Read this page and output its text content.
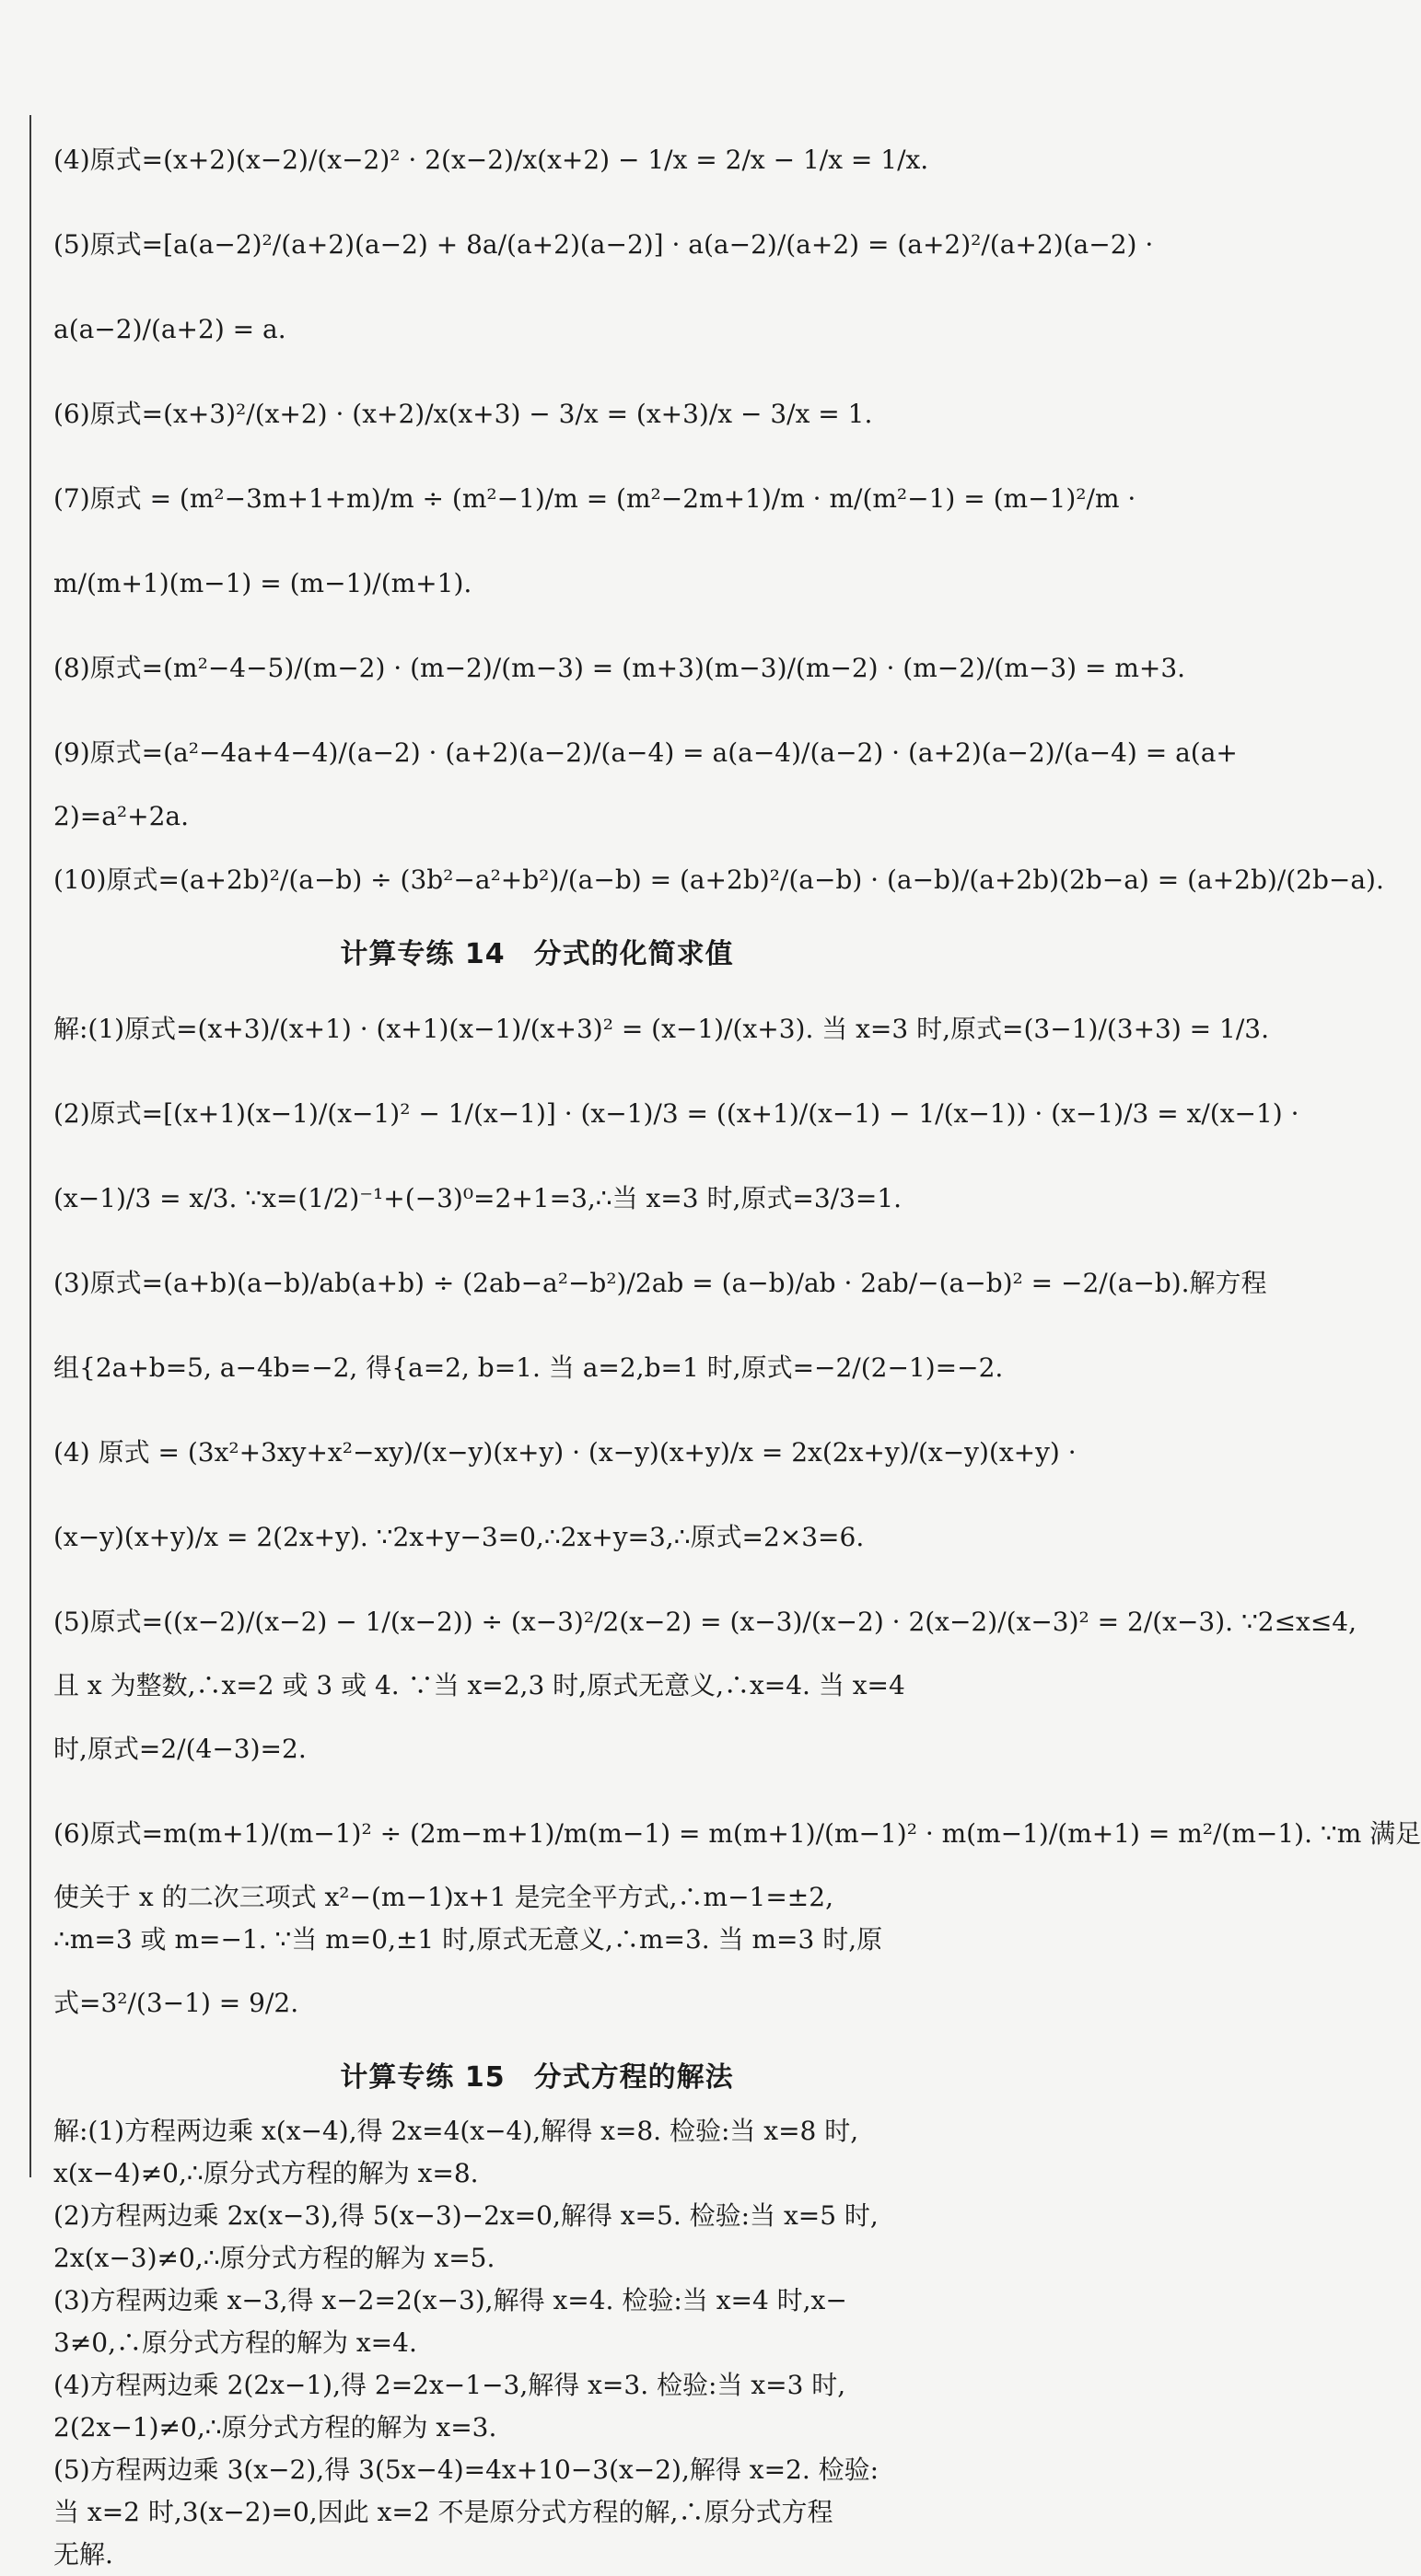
(4)原式=(x+2)(x−2)/(x−2)² · 2(x−2)/x(x+2) − 1/x = 2/x − 1/x = 1/x.
(5)原式=[a(a−2)²/(a+2)(a−2) + 8a/(a+2)(a−2)] · a(a−2)/(a+2) = (a+2)²/(a+2)(a−2) ·
a(a−2)/(a+2) = a.
(6)原式=(x+3)²/(x+2) · (x+2)/x(x+3) − 3/x = (x+3)/x − 3/x = 1.
(7)原式 = (m²−3m+1+m)/m ÷ (m²−1)/m = (m²−2m+1)/m · m/(m²−1) = (m−1)²/m ·
m/(m+1)(m−1) = (m−1)/(m+1).
(8)原式=(m²−4−5)/(m−2) · (m−2)/(m−3) = (m+3)(m−3)/(m−2) · (m−2)/(m−3) = m+3.
(9)原式=(a²−4a+4−4)/(a−2) · (a+2)(a−2)/(a−4) = a(a−4)/(a−2) · (a+2)(a−2)/(a−4) = a(a+
2)=a²+2a.
(10)原式=(a+2b)²/(a−b) ÷ (3b²−a²+b²)/(a−b) = (a+2b)²/(a−b) · (a−b)/(a+2b)(2b−a) = (a+2b)/(2b−a).
计算专练 14　分式的化简求值
解:(1)原式=(x+3)/(x+1) · (x+1)(x−1)/(x+3)² = (x−1)/(x+3). 当 x=3 时,原式=(3−1)/(3+3) = 1/3.
(2)原式=[(x+1)(x−1)/(x−1)² − 1/(x−1)] · (x−1)/3 = ((x+1)/(x−1) − 1/(x−1)) · (x−1)/3 = x/(x−1) ·
(x−1)/3 = x/3. ∵x=(1/2)⁻¹+(−3)⁰=2+1=3,∴当 x=3 时,原式=3/3=1.
(3)原式=(a+b)(a−b)/ab(a+b) ÷ (2ab−a²−b²)/2ab = (a−b)/ab · 2ab/−(a−b)² = −2/(a−b).解方程
组{2a+b=5, a−4b=−2, 得{a=2, b=1. 当 a=2,b=1 时,原式=−2/(2−1)=−2.
(4) 原式 = (3x²+3xy+x²−xy)/(x−y)(x+y) · (x−y)(x+y)/x = 2x(2x+y)/(x−y)(x+y) ·
(x−y)(x+y)/x = 2(2x+y). ∵2x+y−3=0,∴2x+y=3,∴原式=2×3=6.
(5)原式=((x−2)/(x−2) − 1/(x−2)) ÷ (x−3)²/2(x−2) = (x−3)/(x−2) · 2(x−2)/(x−3)² = 2/(x−3). ∵2≤x≤4,
且 x 为整数,∴x=2 或 3 或 4. ∵当 x=2,3 时,原式无意义,∴x=4. 当 x=4
时,原式=2/(4−3)=2.
(6)原式=m(m+1)/(m−1)² ÷ (2m−m+1)/m(m−1) = m(m+1)/(m−1)² · m(m−1)/(m+1) = m²/(m−1). ∵m 满足
使关于 x 的二次三项式 x²−(m−1)x+1 是完全平方式,∴m−1=±2,
∴m=3 或 m=−1. ∵当 m=0,±1 时,原式无意义,∴m=3. 当 m=3 时,原
式=3²/(3−1) = 9/2.
计算专练 15　分式方程的解法
解:(1)方程两边乘 x(x−4),得 2x=4(x−4),解得 x=8. 检验:当 x=8 时,
x(x−4)≠0,∴原分式方程的解为 x=8.
(2)方程两边乘 2x(x−3),得 5(x−3)−2x=0,解得 x=5. 检验:当 x=5 时,
2x(x−3)≠0,∴原分式方程的解为 x=5.
(3)方程两边乘 x−3,得 x−2=2(x−3),解得 x=4. 检验:当 x=4 时,x−
3≠0,∴原分式方程的解为 x=4.
(4)方程两边乘 2(2x−1),得 2=2x−1−3,解得 x=3. 检验:当 x=3 时,
2(2x−1)≠0,∴原分式方程的解为 x=3.
(5)方程两边乘 3(x−2),得 3(5x−4)=4x+10−3(x−2),解得 x=2. 检验:
当 x=2 时,3(x−2)=0,因此 x=2 不是原分式方程的解,∴原分式方程
无解.
